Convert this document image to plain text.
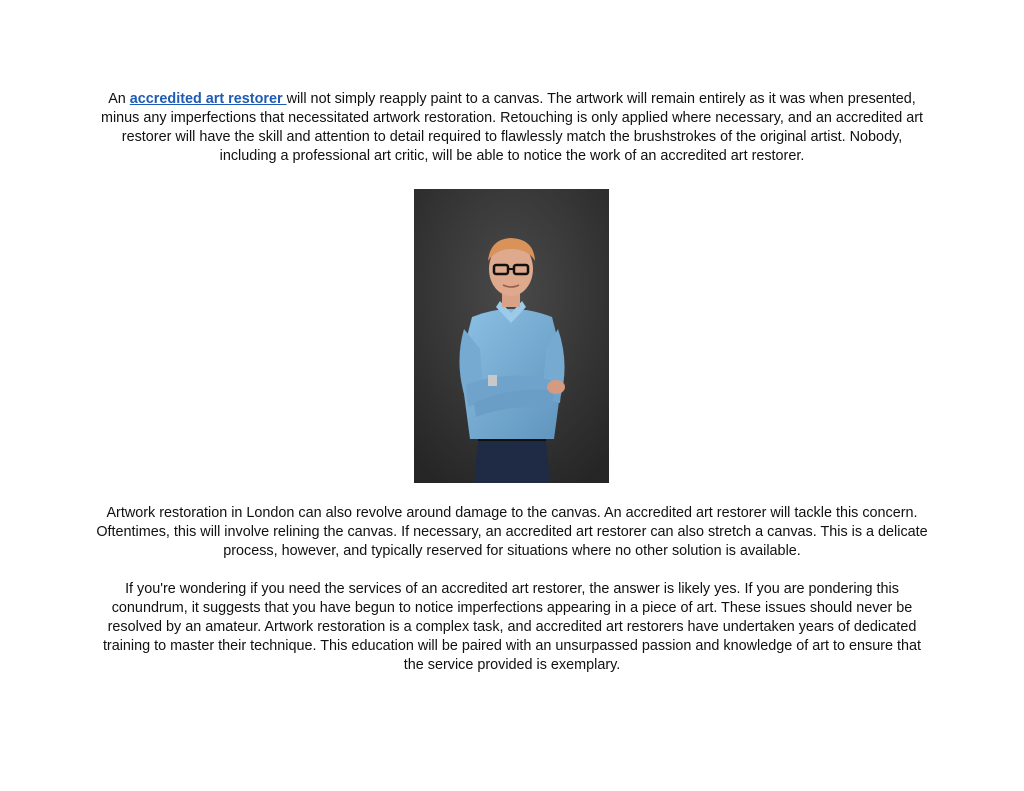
An accredited art restorer will not simply reapply paint to a canvas. The artwork will remain entirely as it was when presented, minus any imperfections that necessitated artwork restoration. Retouching is only applied where necessary, and an accredited art restorer will have the skill and attention to detail required to flawlessly match the brushstrokes of the original artist. Nobody, including a professional art critic, will be able to notice the work of an accredited art restorer.

Artwork restoration in London can also revolve around damage to the canvas. An accredited art restorer will tackle this concern. Oftentimes, this will involve relining the canvas. If necessary, an accredited art restorer can also stretch a canvas. This is a delicate process, however, and typically reserved for situations where no other solution is available.

If you're wondering if you need the services of an accredited art restorer, the answer is likely yes. If you are pondering this conundrum, it suggests that you have begun to notice imperfections appearing in a piece of art. These issues should never be resolved by an amateur. Artwork restoration is a complex task, and accredited art restorers have undertaken years of dedicated training to master their technique. This education will be paired with an unsurpassed passion and knowledge of art to ensure that the service provided is exemplary.
